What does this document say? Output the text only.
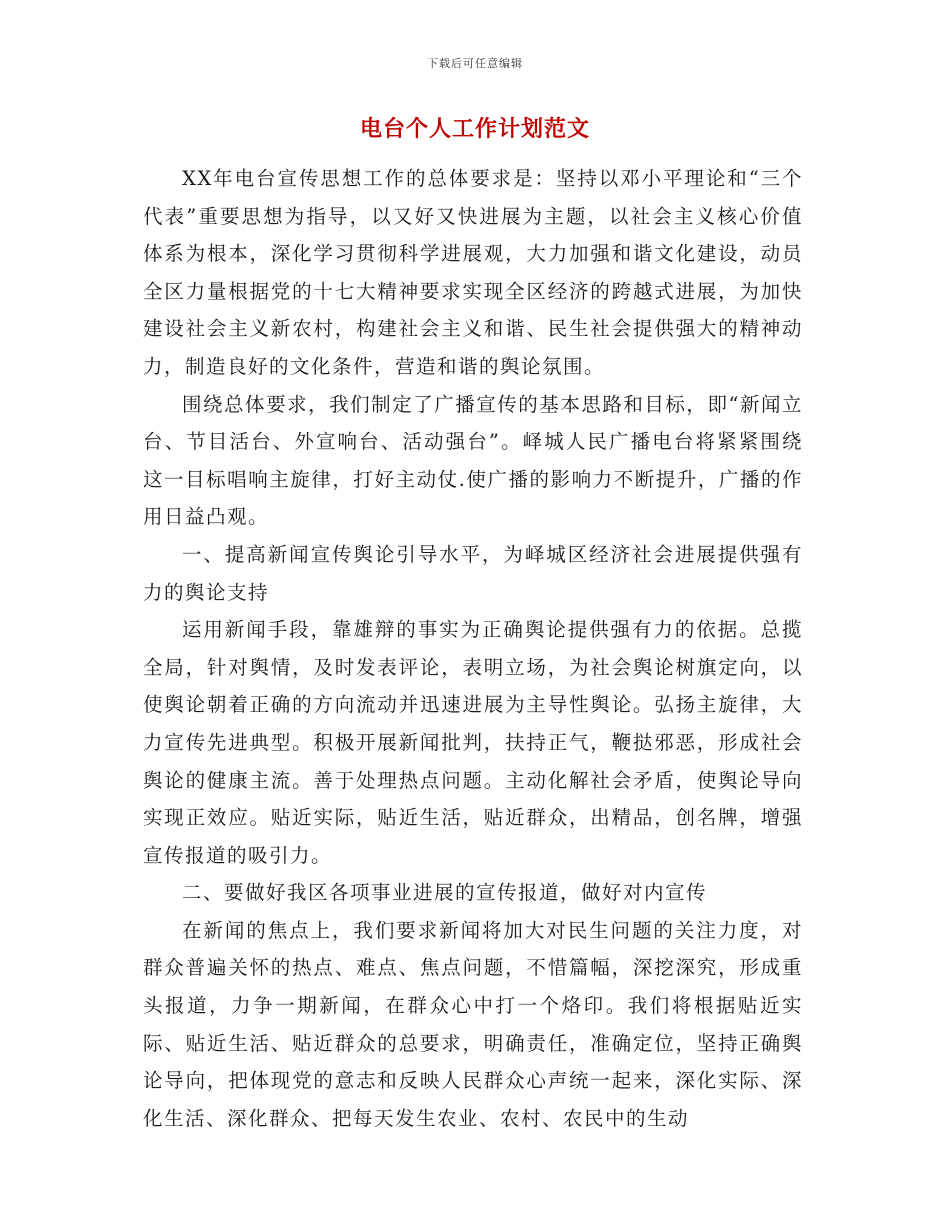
下载后可任意编辑
电台个人工作计划范文

XX年电台宣传思想工作的总体要求是：坚持以邓小平理论和“三个代表”重要思想为指导，以又好又快进展为主题，以社会主义核心价值体系为根本，深化学习贯彻科学进展观，大力加强和谐文化建设，动员全区力量根据党的十七大精神要求实现全区经济的跨越式进展，为加快建设社会主义新农村，构建社会主义和谐、民生社会提供强大的精神动力，制造良好的文化条件，营造和谐的舆论氛围。

围绕总体要求，我们制定了广播宣传的基本思路和目标，即“新闻立台、节目活台、外宣响台、活动强台”。峄城人民广播电台将紧紧围绕这一目标唱响主旋律，打好主动仗.使广播的影响力不断提升，广播的作用日益凸观。

一、提高新闻宣传舆论引导水平，为峄城区经济社会进展提供强有力的舆论支持

运用新闻手段，靠雄辩的事实为正确舆论提供强有力的依据。总揽全局，针对舆情，及时发表评论，表明立场，为社会舆论树旗定向，以使舆论朝着正确的方向流动并迅速进展为主导性舆论。弘扬主旋律，大力宣传先进典型。积极开展新闻批判，扶持正气，鞭挞邪恶，形成社会舆论的健康主流。善于处理热点问题。主动化解社会矛盾，使舆论导向实现正效应。贴近实际，贴近生活，贴近群众，出精品，创名牌，增强宣传报道的吸引力。

二、要做好我区各项事业进展的宣传报道，做好对内宣传

在新闻的焦点上，我们要求新闻将加大对民生问题的关注力度，对群众普遍关怀的热点、难点、焦点问题，不惜篇幅，深挖深究，形成重头报道，力争一期新闻，在群众心中打一个烙印。我们将根据贴近实际、贴近生活、贴近群众的总要求，明确责任，准确定位，坚持正确舆论导向，把体现党的意志和反映人民群众心声统一起来，深化实际、深化生活、深化群众、把每天发生农业、农村、农民中的生动
